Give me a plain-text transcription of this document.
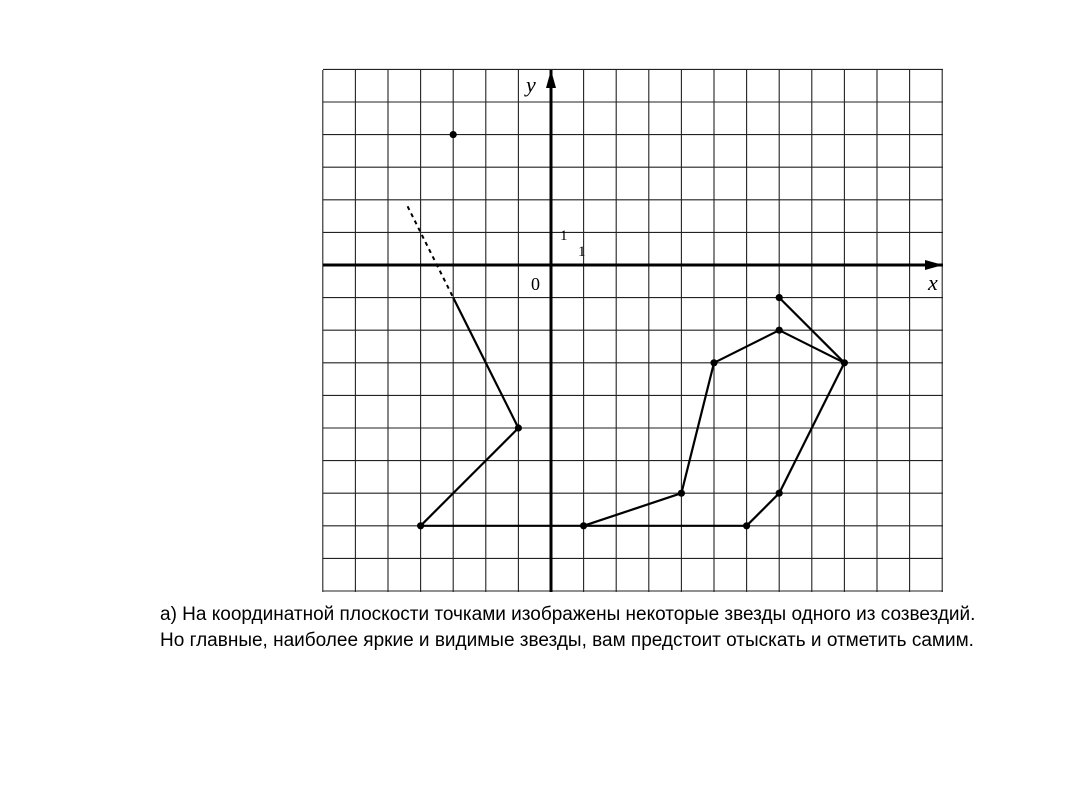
y
x
0
1
1

а) На координатной плоскости точками изображены некоторые звезды одного из созвездий. Но главные, наиболее яркие и видимые звезды, вам предстоит отыскать и отметить самим.
